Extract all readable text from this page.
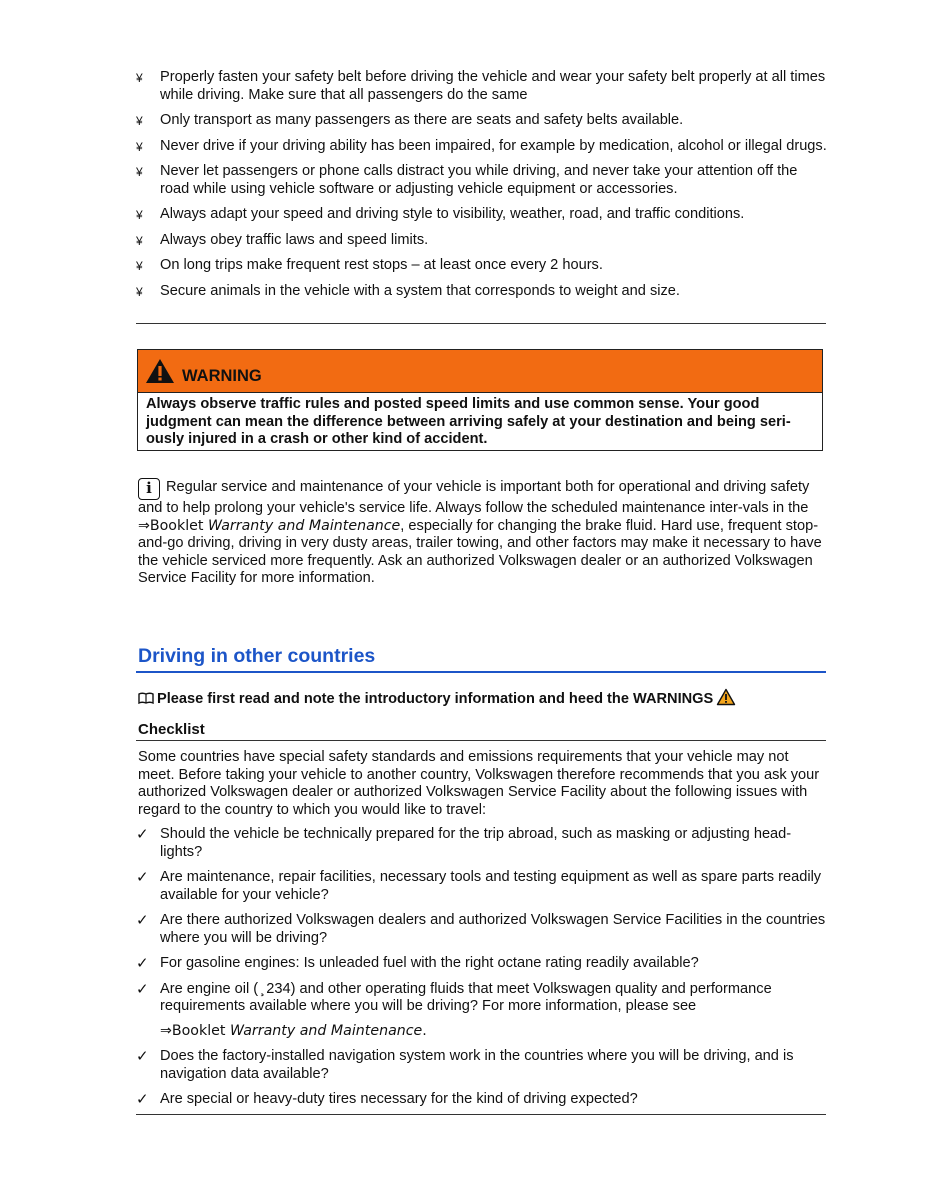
¥ Properly fasten your safety belt before driving the vehicle and wear your safety belt properly at all times while driving. Make sure that all passengers do the same
¥ Only transport as many passengers as there are seats and safety belts available.
¥ Never drive if your driving ability has been impaired, for example by medication, alcohol or illegal drugs.
¥ Never let passengers or phone calls distract you while driving, and never take your attention off the road while using vehicle software or adjusting vehicle equipment or accessories.
¥ Always adapt your speed and driving style to visibility, weather, road, and traffic conditions.
¥ Always obey traffic laws and speed limits.
¥ On long trips make frequent rest stops – at least once every 2 hours.
¥ Secure animals in the vehicle with a system that corresponds to weight and size.
WARNING
Always observe traffic rules and posted speed limits and use common sense. Your good judgment can mean the difference between arriving safely at your destination and being seri-ously injured in a crash or other kind of accident.
i Regular service and maintenance of your vehicle is important both for operational and driving safety and to help prolong your vehicle's service life. Always follow the scheduled maintenance inter-vals in the ⇒Booklet Warranty and Maintenance, especially for changing the brake fluid. Hard use, frequent stop-and-go driving, driving in very dusty areas, trailer towing, and other factors may make it necessary to have the vehicle serviced more frequently. Ask an authorized Volkswagen dealer or an authorized Volkswagen Service Facility for more information.
Driving in other countries
Please first read and note the introductory information and heed the WARNINGS
Checklist
Some countries have special safety standards and emissions requirements that your vehicle may not meet. Before taking your vehicle to another country, Volkswagen therefore recommends that you ask your authorized Volkswagen dealer or authorized Volkswagen Service Facility about the following issues with regard to the country to which you would like to travel:
✓ Should the vehicle be technically prepared for the trip abroad, such as masking or adjusting head-lights?
✓ Are maintenance, repair facilities, necessary tools and testing equipment as well as spare parts readily available for your vehicle?
✓ Are there authorized Volkswagen dealers and authorized Volkswagen Service Facilities in the countries where you will be driving?
✓ For gasoline engines: Is unleaded fuel with the right octane rating readily available?
✓ Are engine oil ( ̧ 234) and other operating fluids that meet Volkswagen quality and performance requirements available where you will be driving? For more information, please see
⇒Booklet Warranty and Maintenance.
✓ Does the factory-installed navigation system work in the countries where you will be driving, and is navigation data available?
✓ Are special or heavy-duty tires necessary for the kind of driving expected?
